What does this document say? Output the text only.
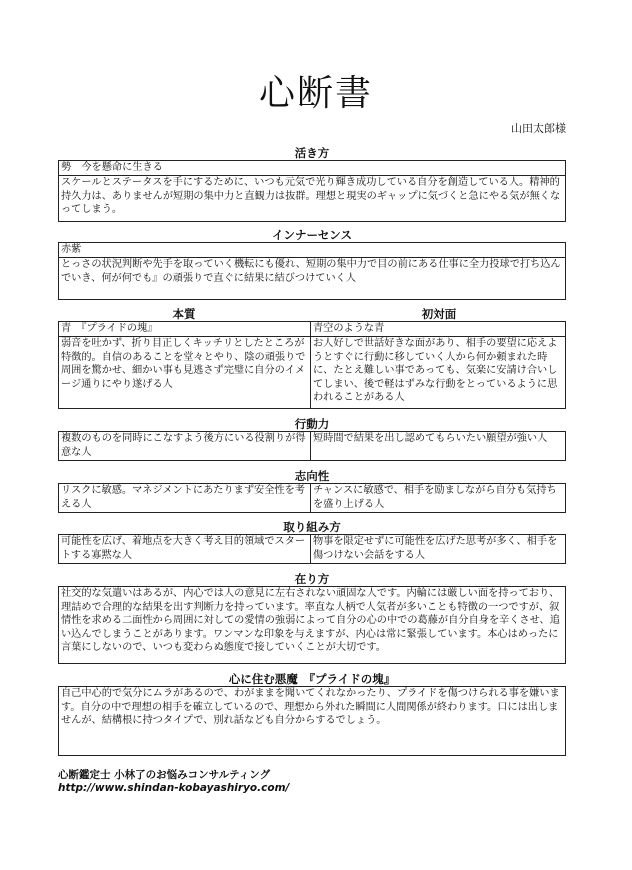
心断書
山田太郎様
活き方
勢　今を懸命に生きる
スケールとステータスを手にするために、いつも元気で光り輝き成功している自分を創造している人。精神的持久力は、ありませんが短期の集中力と直観力は抜群。理想と現実のギャップに気づくと急にやる気が無くなってしまう。
インナーセンス
赤紫
とっさの状況判断や先手を取っていく機転にも優れ、短期の集中力で目の前にある仕事に全力投球で打ち込んでいき、何が何でも』の頑張りで直ぐに結果に結びつけていく人
本質	初対面
青　『プライドの塊』
弱音を吐かず、折り目正しくキッチリとしたところが特徴的。自信のあることを堂々とやり、陰の頑張りで周囲を驚かせ、細かい事も見逃さず完璧に自分のイメージ通りにやり遂げる人
青空のような青
お人好しで世話好きな面があり、相手の要望に応えようとすぐに行動に移していく人から何か頼まれた時に、たとえ難しい事であっても、気楽に安請け合いしてしまい、後で軽はずみな行動をとっているように思われることがある人
行動力
複数のものを同時にこなすよう後方にいる役割りが得意な人
短時間で結果を出し認めてもらいたい願望が強い人
志向性
リスクに敏感。マネジメントにあたりまず安全性を考える人
チャンスに敏感で、相手を励ましながら自分も気持ちを盛り上げる人
取り組み方
可能性を広げ、着地点を大きく考え目的領域でスタートする寡黙な人
物事を限定せずに可能性を広げた思考が多く、相手を傷つけない会話をする人
在り方
社交的な気遣いはあるが、内心では人の意見に左右されない頑固な人です。内輪には厳しい面を持っており、理詰めで合理的な結果を出す判断力を持っています。率直な人柄で人気者が多いことも特徴の一つですが、叙情性を求める二面性から周囲に対しての愛情の強弱によって自分の心の中での葛藤が自分自身を辛くさせ、追い込んでしまうことがあります。ワンマンな印象を与えますが、内心は常に緊張しています。本心はめったに言葉にしないので、いつも変わらぬ態度で接していくことが大切です。
心に住む悪魔　『プライドの塊』
自己中心的で気分にムラがあるので、わがままを聞いてくれなかったり、プライドを傷つけられる事を嫌います。自分の中で理想の相手を確立しているので、理想から外れた瞬間に人間関係が終わります。口には出しませんが、結構根に持つタイプで、別れ話なども自分からするでしょう。
心断鑑定士 小林了のお悩みコンサルティング
http://www.shindan-kobayashiryo.com/
